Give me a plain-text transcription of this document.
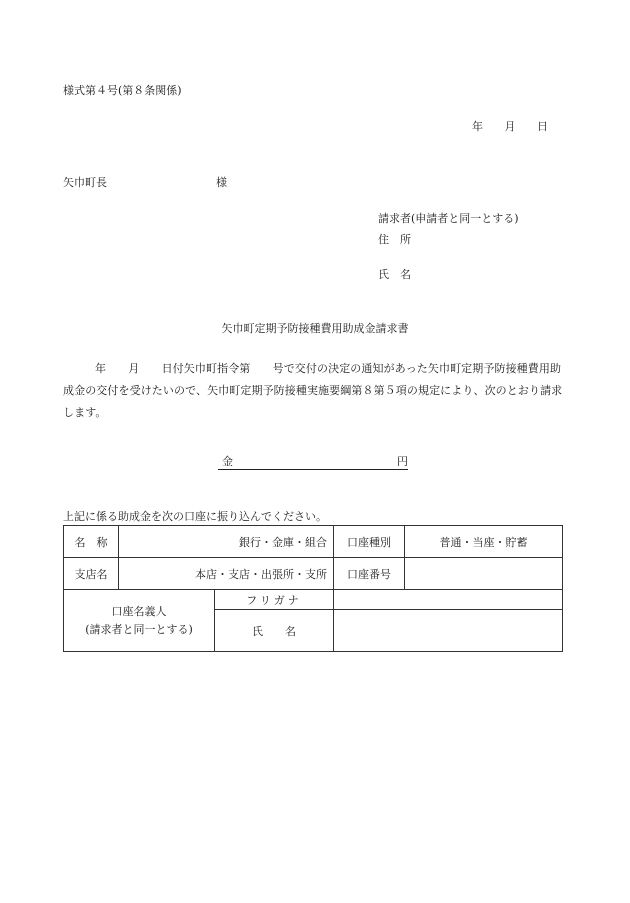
様式第４号(第８条関係)
年 月 日
矢巾町長	様
請求者(申請者と同一とする)
住　所
氏　名
矢巾町定期予防接種費用助成金請求書
年　　月　　日付矢巾町指令第　　号で交付の決定の通知があった矢巾町定期予防接種費用助成金の交付を受けたいので、矢巾町定期予防接種実施要綱第８第５項の規定により、次のとおり請求します。
金	円
上記に係る助成金を次の口座に振り込んでください。
名　称	銀行・金庫・組合		口座種別	普通・当座・貯蓄
支店名	本店・支店・出張所・支所		口座番号	

口座名義人
(請求者と同一とする)		フリガナ		
		氏　　名		
